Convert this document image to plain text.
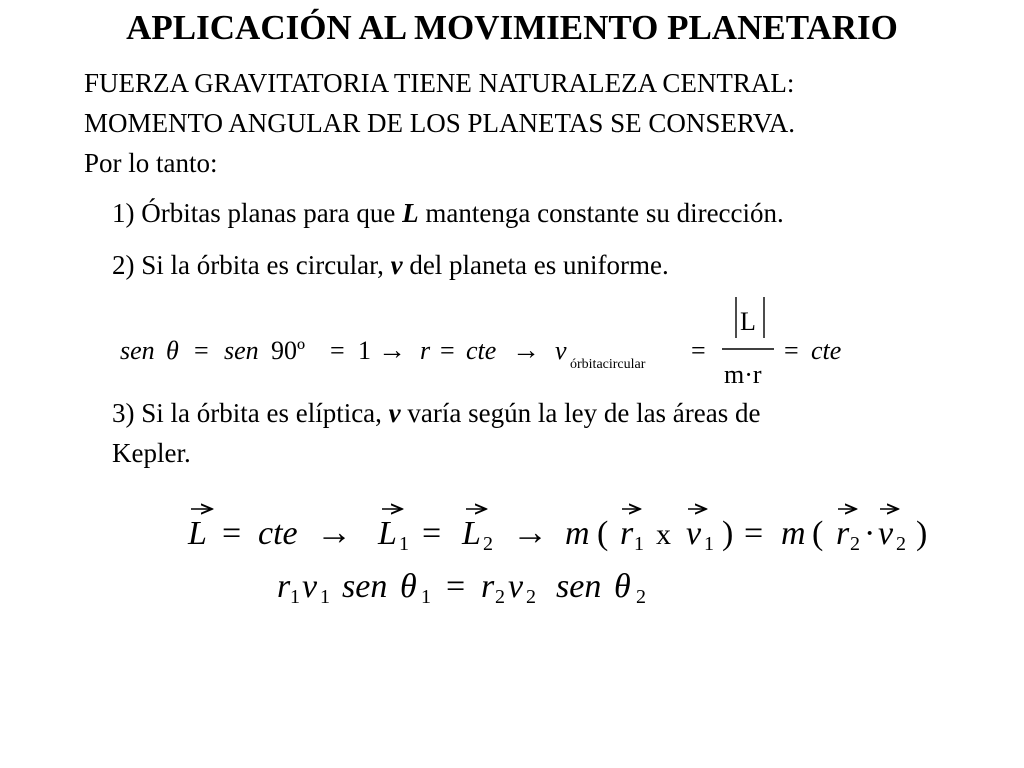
APLICACIÓN AL MOVIMIENTO PLANETARIO
FUERZA GRAVITATORIA TIENE NATURALEZA CENTRAL:
MOMENTO ANGULAR DE LOS PLANETAS SE CONSERVA.
Por lo tanto:
1) Órbitas planas para que L mantenga constante su dirección.
2) Si la órbita es circular, v del planeta es uniforme.
3) Si la órbita es elíptica, v varía según la ley de las áreas de
Kepler.
sen θ = sen 90º = 1 → r = cte → v órbitacircular =
L
m·r
= cte
L = cte → L 1 = L 2 → m ( r 1 x v 1 ) = m ( r 2 · v 2 )
r 1 v 1 sen θ 1 = r 2 v 2 sen θ 2
